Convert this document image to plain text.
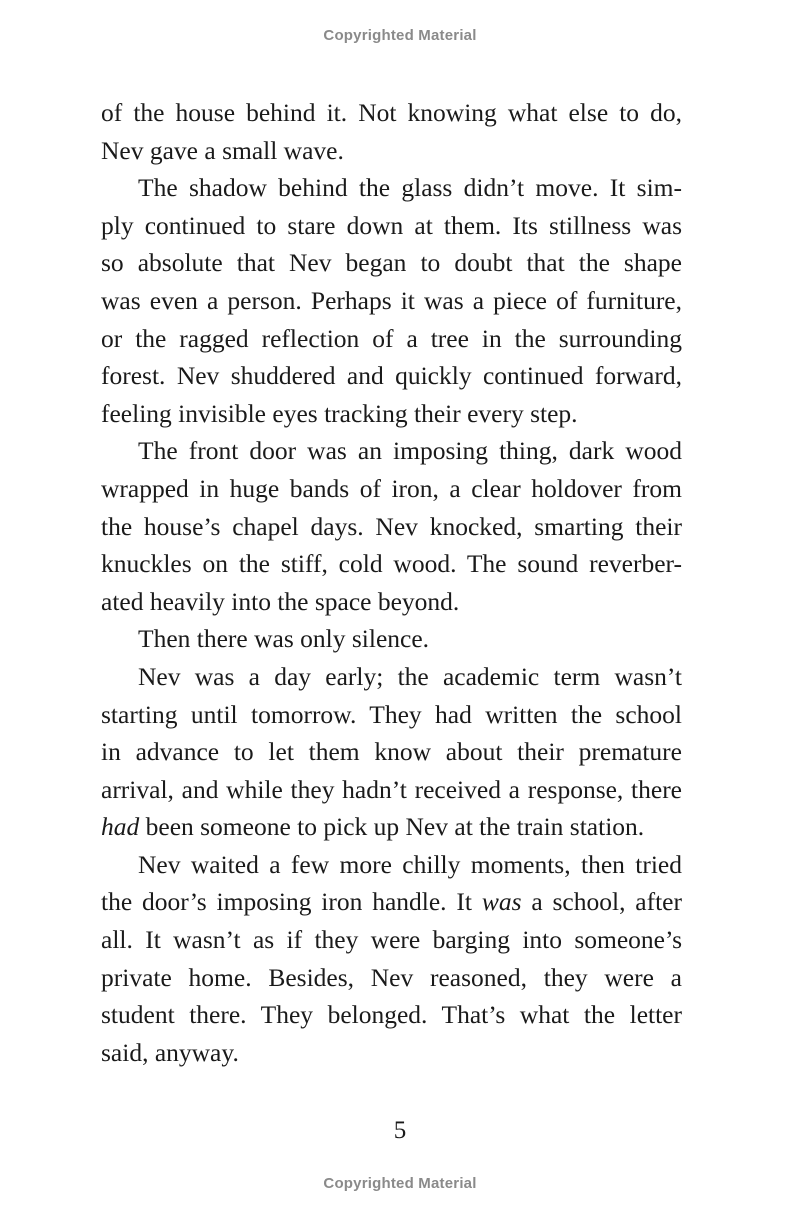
Copyrighted Material

of the house behind it. Not knowing what else to do,
Nev gave a small wave.

The shadow behind the glass didn’t move. It sim-
ply continued to stare down at them. Its stillness was
so absolute that Nev began to doubt that the shape
was even a person. Perhaps it was a piece of furniture,
or the ragged reflection of a tree in the surrounding
forest. Nev shuddered and quickly continued forward,
feeling invisible eyes tracking their every step.

The front door was an imposing thing, dark wood
wrapped in huge bands of iron, a clear holdover from
the house’s chapel days. Nev knocked, smarting their
knuckles on the stiff, cold wood. The sound reverber-
ated heavily into the space beyond.

Then there was only silence.

Nev was a day early; the academic term wasn’t
starting until tomorrow. They had written the school
in advance to let them know about their premature
arrival, and while they hadn’t received a response, there
had been someone to pick up Nev at the train station.

Nev waited a few more chilly moments, then tried
the door’s imposing iron handle. It was a school, after
all. It wasn’t as if they were barging into someone’s
private home. Besides, Nev reasoned, they were a
student there. They belonged. That’s what the letter
said, anyway.

5
Copyrighted Material
